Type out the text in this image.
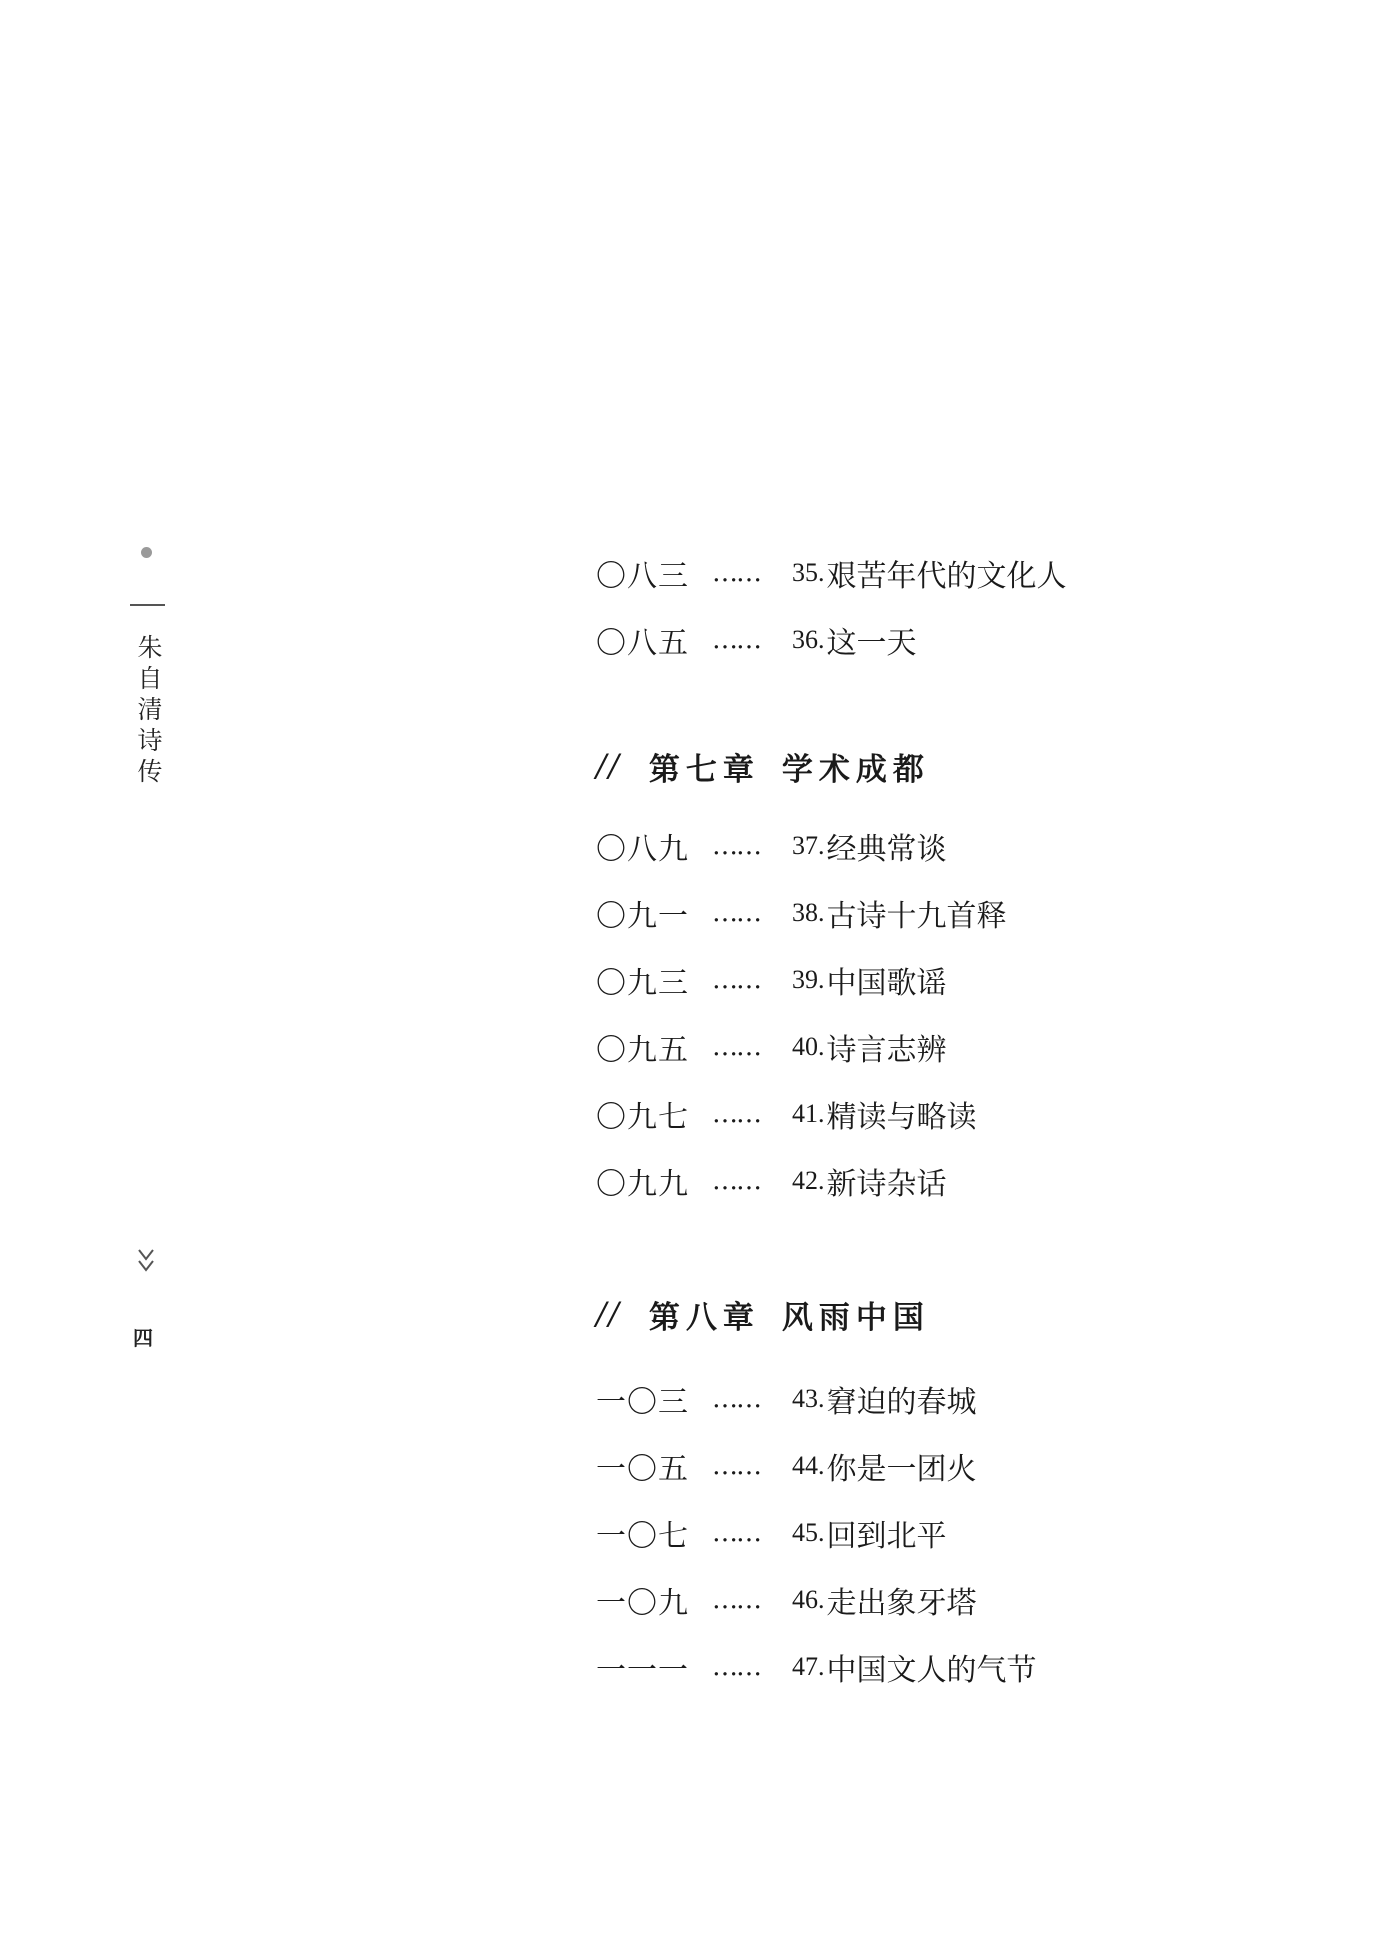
朱
自
清
诗
传
四
〇八三 ……	35. 艰苦年代的文化人
〇八五 ……	36. 这一天
// 第七章 学术成都
〇八九 ……	37. 经典常谈
〇九一 ……	38. 古诗十九首释
〇九三 ……	39. 中国歌谣
〇九五 ……	40. 诗言志辨
〇九七 ……	41. 精读与略读
〇九九 ……	42. 新诗杂话
// 第八章 风雨中国
一〇三 ……	43. 窘迫的春城
一〇五 ……	44. 你是一团火
一〇七 ……	45. 回到北平
一〇九 ……	46. 走出象牙塔
一一一 ……	47. 中国文人的气节
